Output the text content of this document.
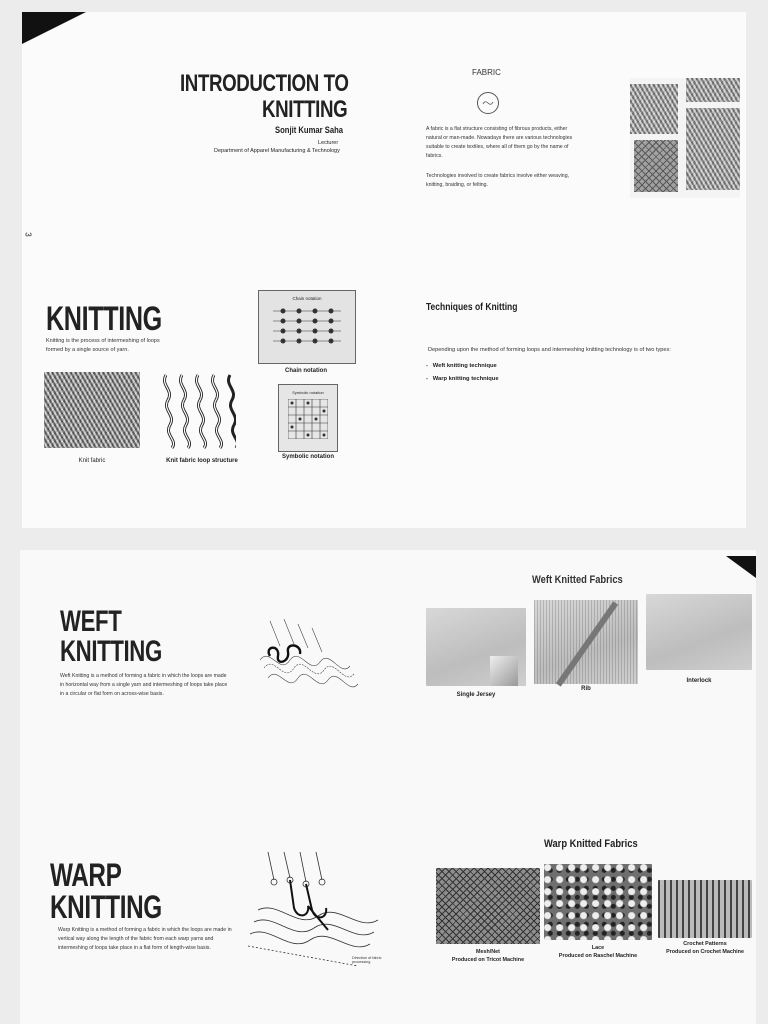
INTRODUCTION TO
KNITTING
Sonjit Kumar Saha
Lecturer
Department of Apparel Manufacturing & Technology
3
FABRIC
A fabric is a flat structure consisting of fibrous products, either natural or man-made. Nowadays there are various technologies suitable to create textiles, where all of them go by the name of fabrics.
Technologies involved to create fabrics involve either weaving, knitting, braiding, or felting.
KNITTING
Knitting is the process of intermeshing of loops formed by a single source of yarn.
Knit fabric	Knit fabric loop structure
Chain notation
Chain notation
Symbolic notation
Symbolic notation
Techniques of Knitting
Depending upon the method of forming loops and intermeshing knitting technology is of two types:
-   Weft knitting technique
-   Warp knitting technique
WEFT
KNITTING
Weft Knitting is a method of forming a fabric in which the loops are made in horizontal way from a single yarn and intermeshing of loops take place in a circular or flat form on across-wise basis.
Weft Knitted Fabrics
Single Jersey
Rib
Interlock
WARP
KNITTING
Warp Knitting is a method of forming a fabric in which the loops are made in vertical way along the length of the fabric from each warp yarns and intermeshing of loops take place in a flat form of length-wise basis.
Direction of fabric processing
Warp Knitted Fabrics
Mesh/Net
Produced on Tricot Machine
Lace
Produced on Raschel Machine
Crochet Patterns
Produced on Crochet Machine
